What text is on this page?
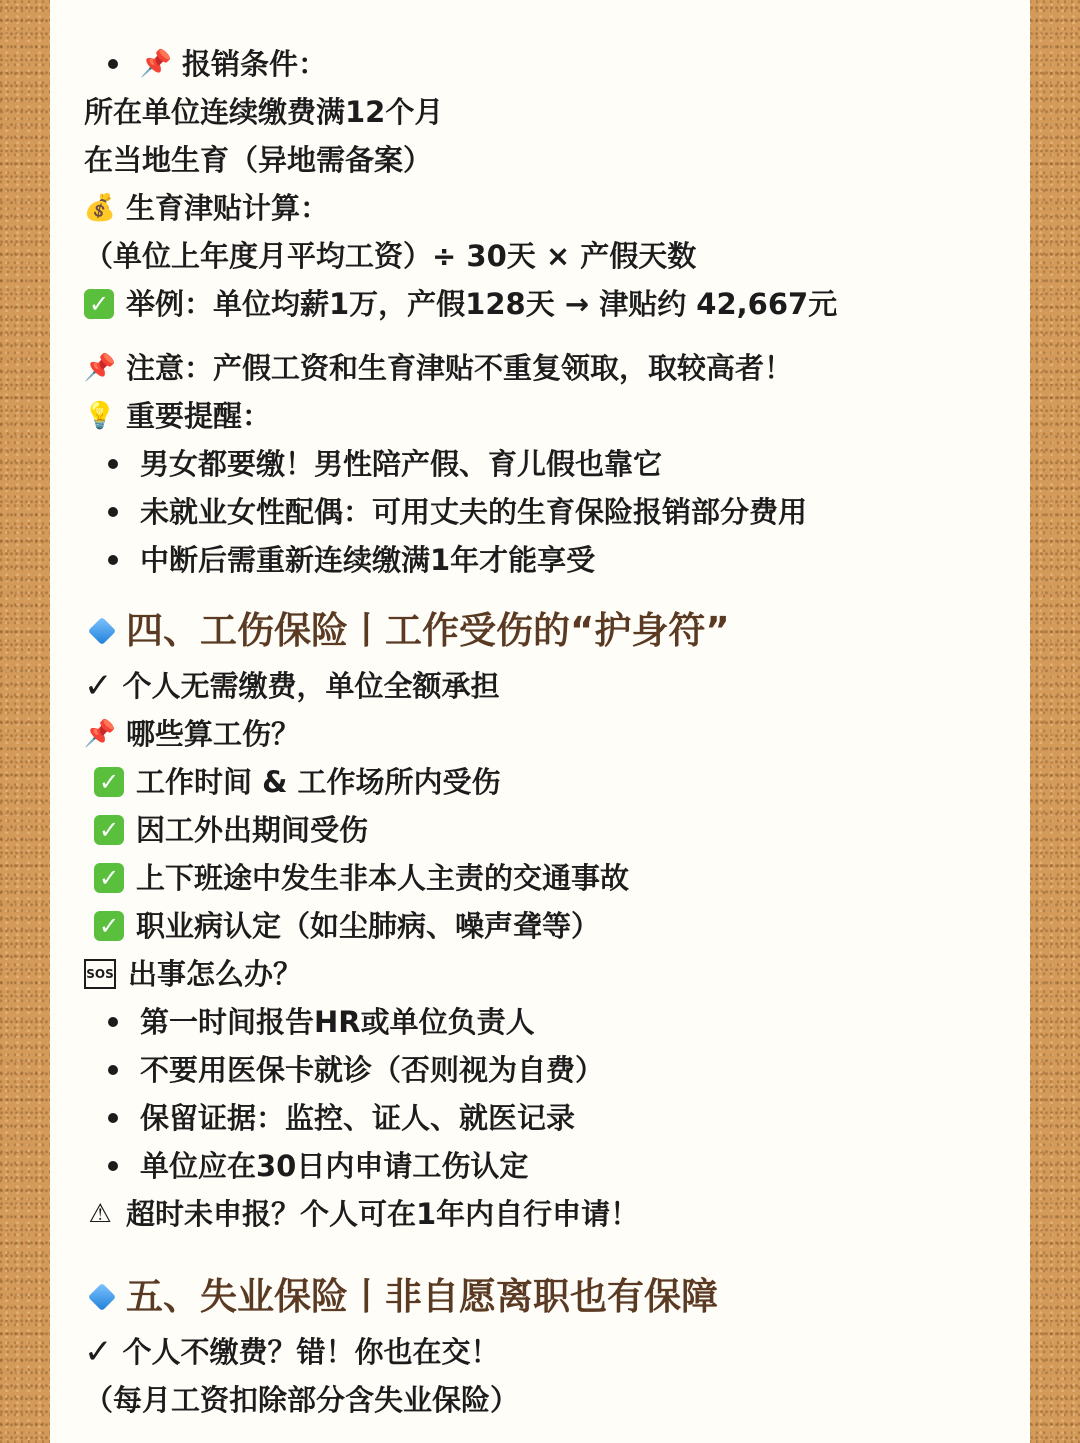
📌 报销条件：
所在单位连续缴费满12个月
在当地生育（异地需备案）
💰 生育津贴计算：
（单位上年度月平均工资）÷ 30天 × 产假天数
✓ 举例：单位均薪1万，产假128天 → 津贴约 42,667元
📌 注意：产假工资和生育津贴不重复领取，取较高者！
💡 重要提醒：
男女都要缴！男性陪产假、育儿假也靠它
未就业女性配偶：可用丈夫的生育保险报销部分费用
中断后需重新连续缴满1年才能享受
四、工伤保险丨工作受伤的“护身符”
✓ 个人无需缴费，单位全额承担
📌 哪些算工伤？
✓ 工作时间 & 工作场所内受伤
✓ 因工外出期间受伤
✓ 上下班途中发生非本人主责的交通事故
✓ 职业病认定（如尘肺病、噪声聋等）
SOS 出事怎么办？
第一时间报告HR或单位负责人
不要用医保卡就诊（否则视为自费）
保留证据：监控、证人、就医记录
单位应在30日内申请工伤认定
⚠ 超时未申报？个人可在1年内自行申请！
五、失业保险丨非自愿离职也有保障
✓ 个人不缴费？错！你也在交！
（每月工资扣除部分含失业保险）
